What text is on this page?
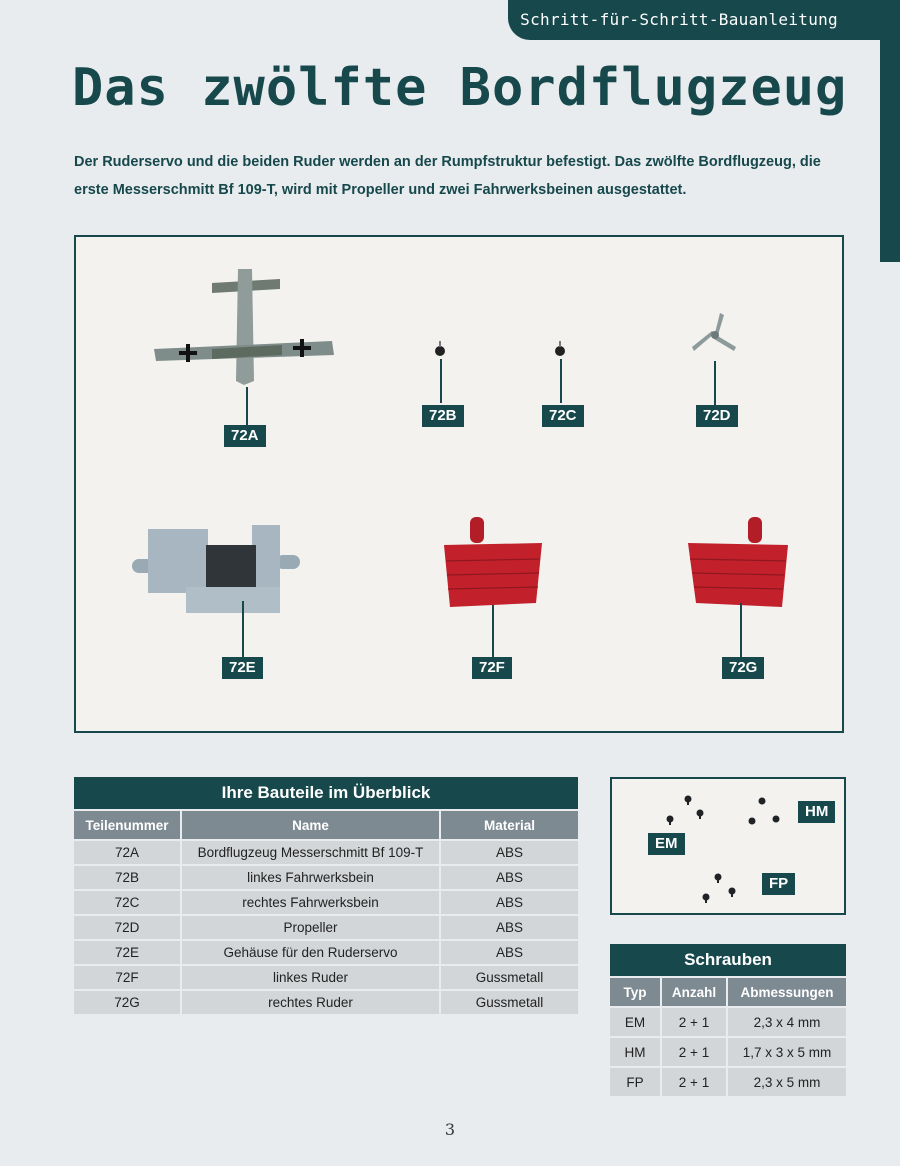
Schritt-für-Schritt-Bauanleitung
Das zwölfte Bordflugzeug

Der Ruderservo und die beiden Ruder werden an der Rumpfstruktur befestigt. Das zwölfte Bordflugzeug, die erste Messerschmitt Bf 109-T, wird mit Propeller und zwei Fahrwerksbeinen ausgestattet.

72A
72B	72C	72D
72E	72F	72G
Ihre Bauteile im Überblick
Teilenummer	Name	Material
72A	Bordflugzeug Messerschmitt Bf 109-T	ABS
72B	linkes Fahrwerksbein	ABS
72C	rechtes Fahrwerksbein	ABS
72D	Propeller	ABS
72E	Gehäuse für den Ruderservo	ABS
72F	linkes Ruder	Gussmetall
72G	rechtes Ruder	Gussmetall
HM
EM
FP
Schrauben
Typ	Anzahl	Abmessungen
EM	2 + 1	2,3 x 4 mm
HM	2 + 1	1,7 x 3 x 5 mm
FP	2 + 1	2,3 x 5 mm
3
